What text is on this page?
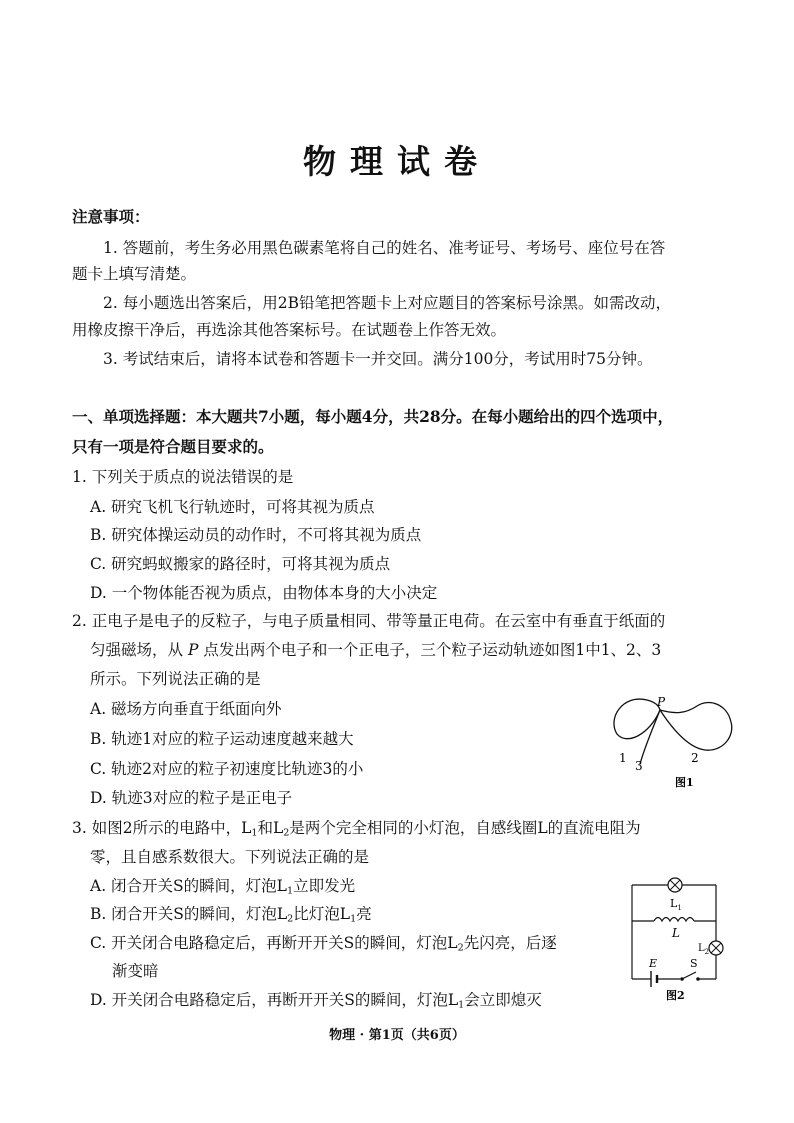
物理试卷
注意事项：
1. 答题前，考生务必用黑色碳素笔将自己的姓名、准考证号、考场号、座位号在答
题卡上填写清楚。
2. 每小题选出答案后，用2B铅笔把答题卡上对应题目的答案标号涂黑。如需改动，
用橡皮擦干净后，再选涂其他答案标号。在试题卷上作答无效。
3. 考试结束后，请将本试卷和答题卡一并交回。满分100分，考试用时75分钟。
一、单项选择题：本大题共7小题，每小题4分，共28分。在每小题给出的四个选项中，
只有一项是符合题目要求的。
1. 下列关于质点的说法错误的是
A. 研究飞机飞行轨迹时，可将其视为质点
B. 研究体操运动员的动作时，不可将其视为质点
C. 研究蚂蚁搬家的路径时，可将其视为质点
D. 一个物体能否视为质点，由物体本身的大小决定
2. 正电子是电子的反粒子，与电子质量相同、带等量正电荷。在云室中有垂直于纸面的
匀强磁场，从 P 点发出两个电子和一个正电子，三个粒子运动轨迹如图1中1、2、3
所示。下列说法正确的是
A. 磁场方向垂直于纸面向外
B. 轨迹1对应的粒子运动速度越来越大
C. 轨迹2对应的粒子初速度比轨迹3的小
D. 轨迹3对应的粒子是正电子
P
1	2
3
图1
3. 如图2所示的电路中，$L_1$和$L_2$是两个完全相同的小灯泡，自感线圈L的直流电阻为
零，且自感系数很大。下列说法正确的是
A. 闭合开关S的瞬间，灯泡$L_1$立即发光
B. 闭合开关S的瞬间，灯泡$L_2$比灯泡$L_1$亮
C. 开关闭合电路稳定后，再断开开关S的瞬间，灯泡$L_2$先闪亮，后逐
渐变暗
D. 开关闭合电路稳定后，再断开开关S的瞬间，灯泡$L_1$会立即熄灭
$L_1$
L
$L_2$
E	S
图2
物理 · 第1页（共6页）
